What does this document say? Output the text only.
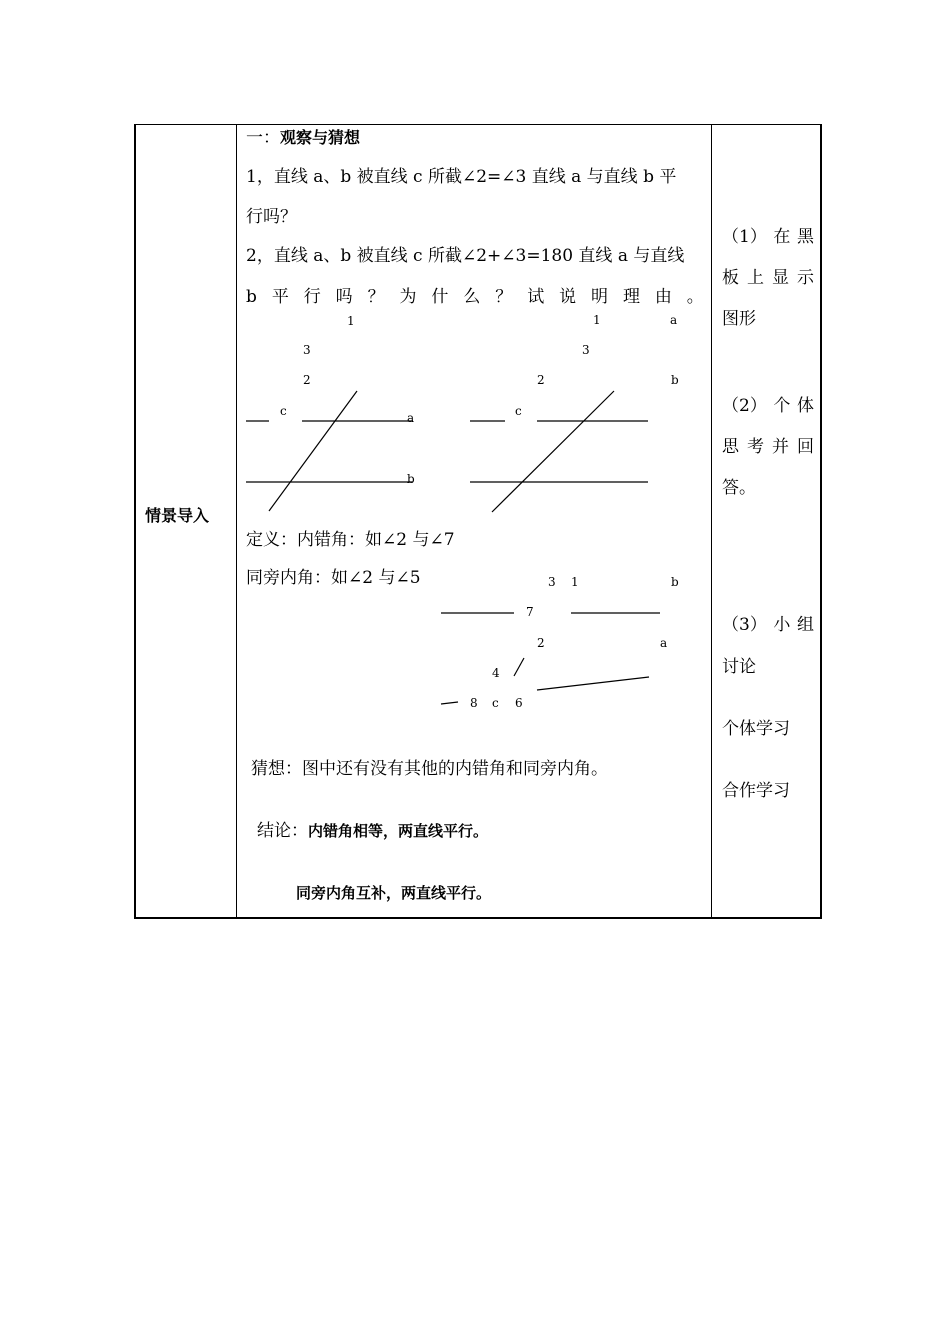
情景导入
一：观察与猜想
1，直线 a、b 被直线 c 所截∠2=∠3 直线 a 与直线 b 平
行吗？
2，直线 a、b 被直线 c 所截∠2+∠3=180 直线 a 与直线
b 平 行 吗 ？ 为 什 么 ？ 试 说 明 理 由 。
1
3
2
c	a
b
1	a
3
2	b
c
定义：内错角：如∠2 与∠7
同旁内角：如∠2 与∠5	3 1	b
7
2	a
4
8 c 6
猜想：图中还有没有其他的内错角和同旁内角。
结论：内错角相等，两直线平行。
同旁内角互补，两直线平行。
（1） 在 黑
板 上 显 示
图形
（2） 个 体
思 考 并 回
答。
（3） 小 组
讨论
个体学习
合作学习
